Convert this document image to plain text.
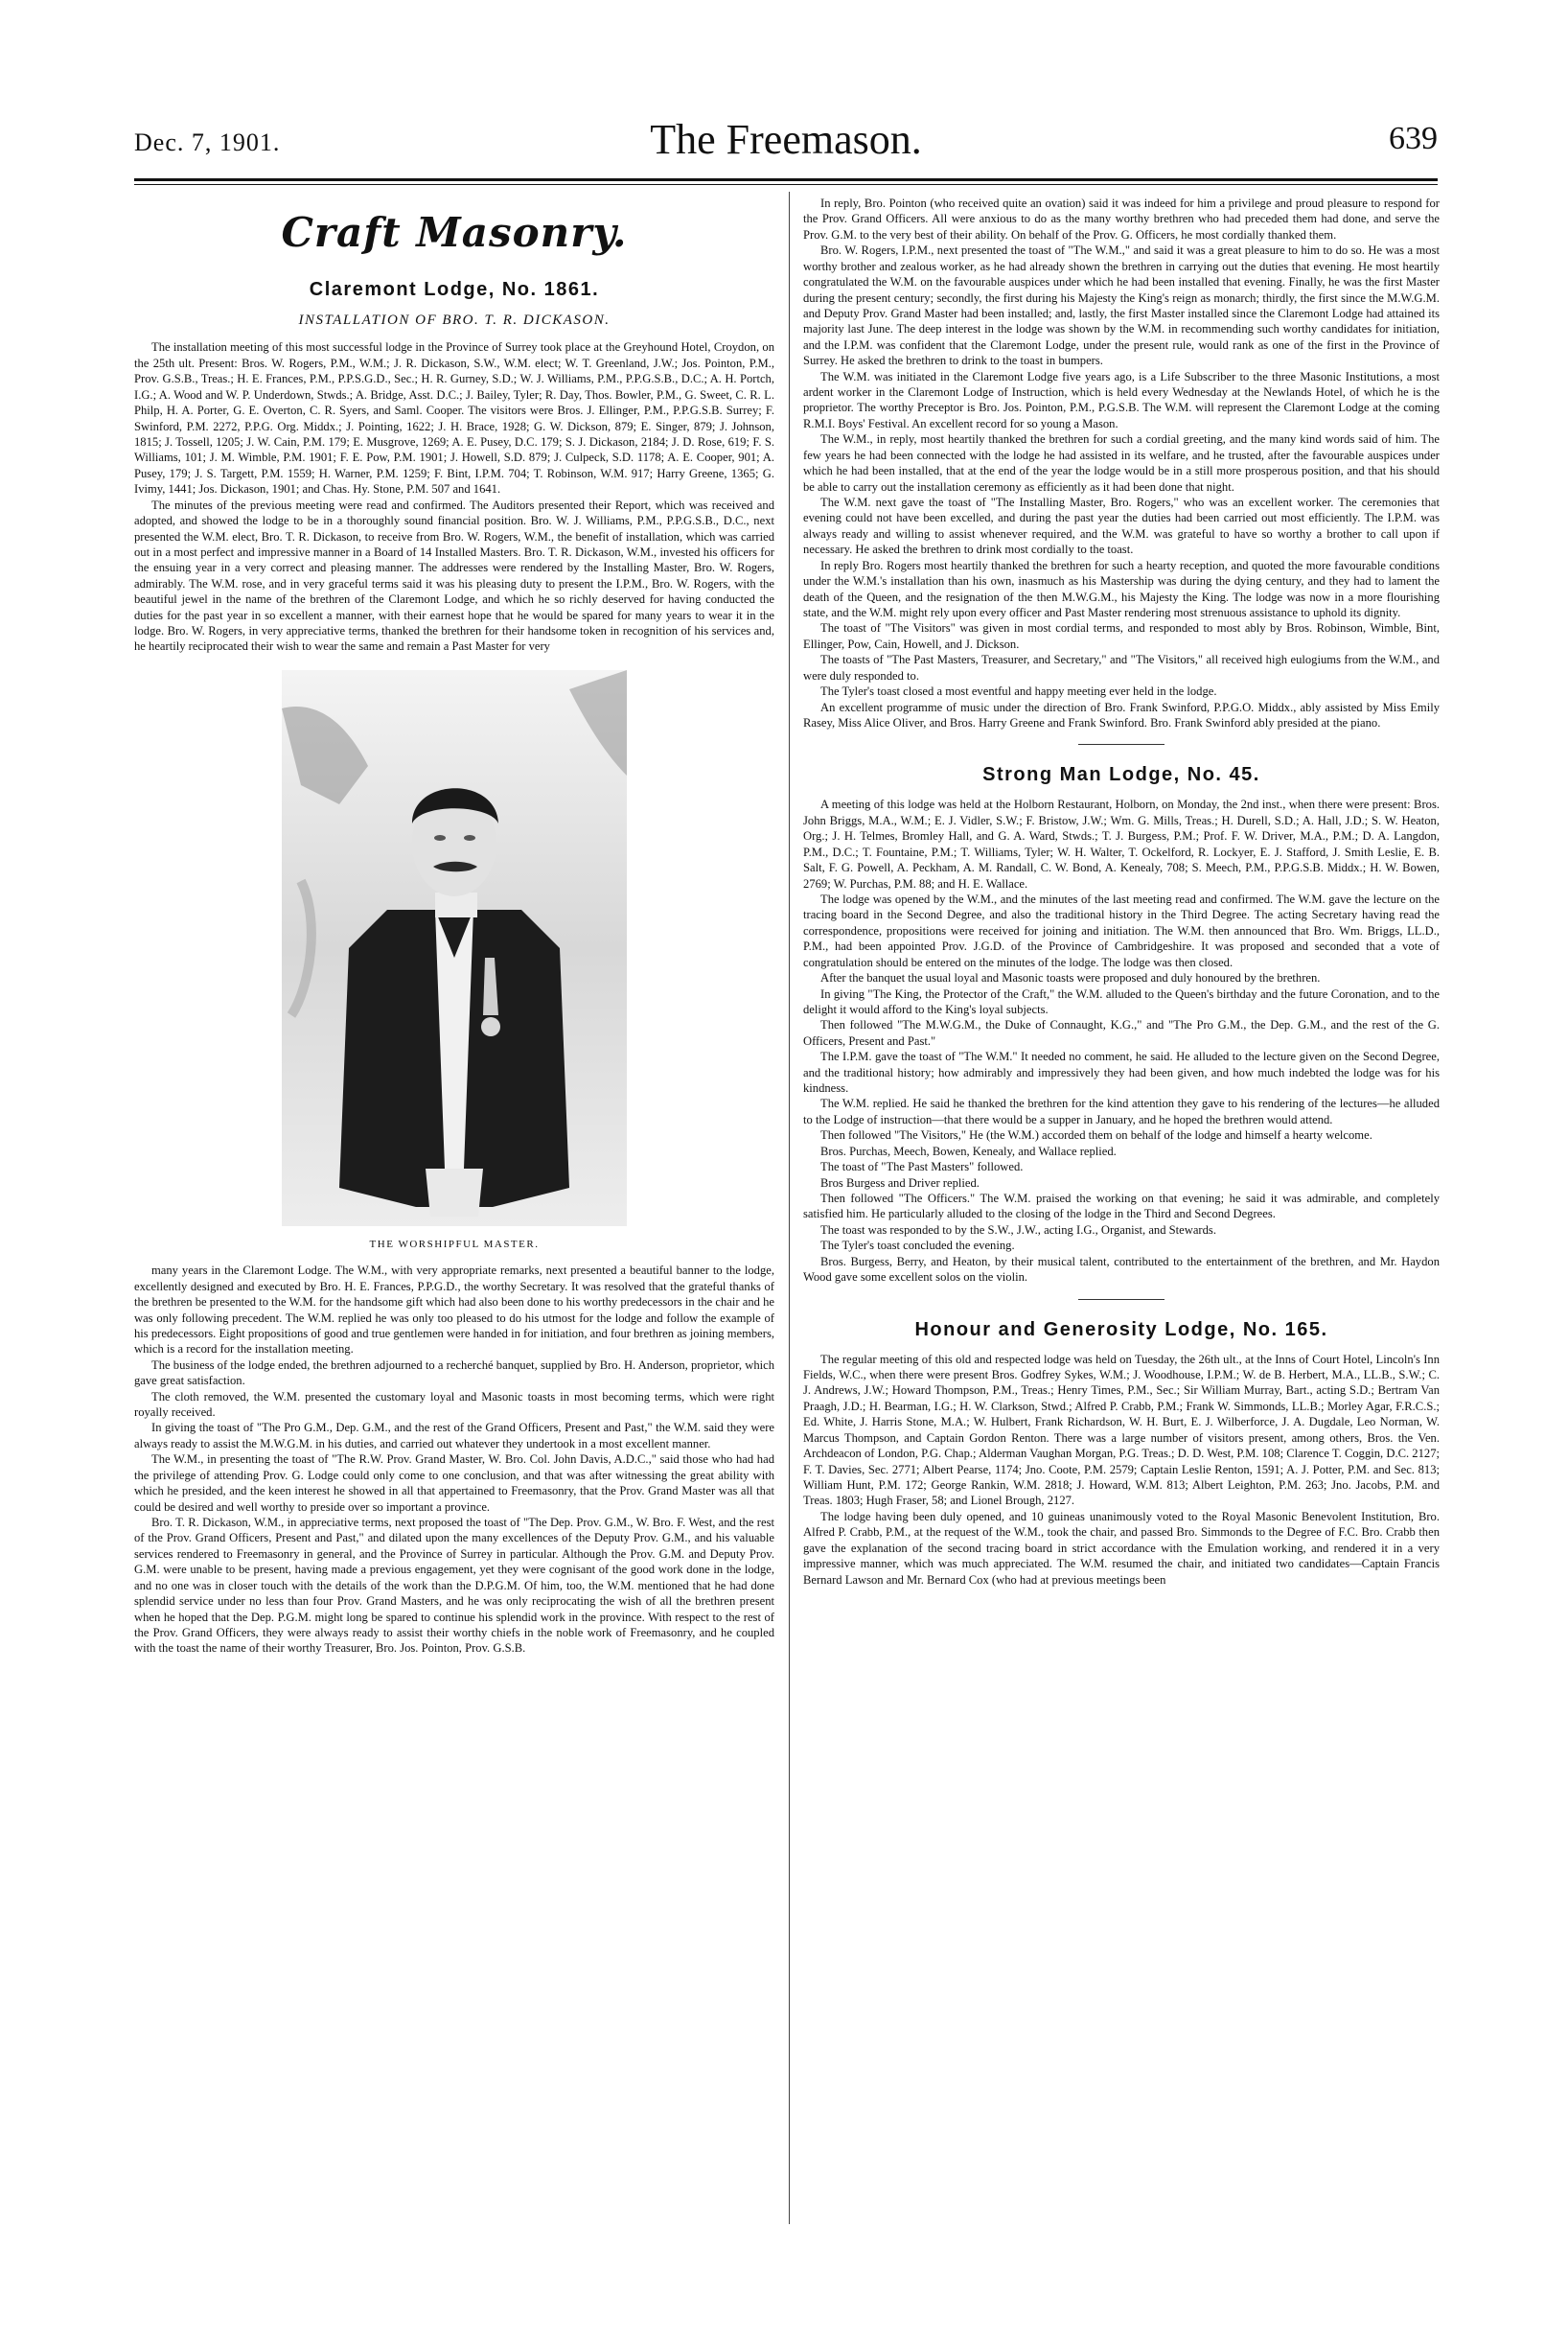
Dec. 7, 1901.	The Freemason.	639
Craft Masonry.
Claremont Lodge, No. 1861.
INSTALLATION OF BRO. T. R. DICKASON.

The installation meeting of this most successful lodge in the Province of Surrey took place at the Greyhound Hotel, Croydon, on the 25th ult. Present: Bros. W. Rogers, P.M., W.M.; J. R. Dickason, S.W., W.M. elect; W. T. Greenland, J.W.; Jos. Pointon, P.M., Prov. G.S.B., Treas.; H. E. Frances, P.M., P.P.S.G.D., Sec.; H. R. Gurney, S.D.; W. J. Williams, P.M., P.P.G.S.B., D.C.; A. H. Portch, I.G.; A. Wood and W. P. Underdown, Stwds.; A. Bridge, Asst. D.C.; J. Bailey, Tyler; R. Day, Thos. Bowler, P.M., G. Sweet, C. R. L. Philp, H. A. Porter, G. E. Overton, C. R. Syers, and Saml. Cooper. The visitors were Bros. J. Ellinger, P.M., P.P.G.S.B. Surrey; F. Swinford, P.M. 2272, P.P.G. Org. Middx.; J. Pointing, 1622; J. H. Brace, 1928; G. W. Dickson, 879; E. Singer, 879; J. Johnson, 1815; J. Tossell, 1205; J. W. Cain, P.M. 179; E. Musgrove, 1269; A. E. Pusey, D.C. 179; S. J. Dickason, 2184; J. D. Rose, 619; F. S. Williams, 101; J. M. Wimble, P.M. 1901; F. E. Pow, P.M. 1901; J. Howell, S.D. 879; J. Culpeck, S.D. 1178; A. E. Cooper, 901; A. Pusey, 179; J. S. Targett, P.M. 1559; H. Warner, P.M. 1259; F. Bint, I.P.M. 704; T. Robinson, W.M. 917; Harry Greene, 1365; G. Ivimy, 1441; Jos. Dickason, 1901; and Chas. Hy. Stone, P.M. 507 and 1641.

The minutes of the previous meeting were read and confirmed. The Auditors presented their Report, which was received and adopted, and showed the lodge to be in a thoroughly sound financial position. Bro. W. J. Williams, P.M., P.P.G.S.B., D.C., next presented the W.M. elect, Bro. T. R. Dickason, to receive from Bro. W. Rogers, W.M., the benefit of installation, which was carried out in a most perfect and impressive manner in a Board of 14 Installed Masters. Bro. T. R. Dickason, W.M., invested his officers for the ensuing year in a very correct and pleasing manner. The addresses were rendered by the Installing Master, Bro. W. Rogers, admirably. The W.M. rose, and in very graceful terms said it was his pleasing duty to present the I.P.M., Bro. W. Rogers, with the beautiful jewel in the name of the brethren of the Claremont Lodge, and which he so richly deserved for having conducted the duties for the past year in so excellent a manner, with their earnest hope that he would be spared for many years to wear it in the lodge. Bro. W. Rogers, in very appreciative terms, thanked the brethren for their handsome token in recognition of his services and, he heartily reciprocated their wish to wear the same and remain a Past Master for very

THE WORSHIPFUL MASTER.

many years in the Claremont Lodge. The W.M., with very appropriate remarks, next presented a beautiful banner to the lodge, excellently designed and executed by Bro. H. E. Frances, P.P.G.D., the worthy Secretary. It was resolved that the grateful thanks of the brethren be presented to the W.M. for the handsome gift which had also been done to his worthy predecessors in the chair and he was only following precedent. The W.M. replied he was only too pleased to do his utmost for the lodge and follow the example of his predecessors. Eight propositions of good and true gentlemen were handed in for initiation, and four brethren as joining members, which is a record for the installation meeting.

The business of the lodge ended, the brethren adjourned to a recherché banquet, supplied by Bro. H. Anderson, proprietor, which gave great satisfaction.

The cloth removed, the W.M. presented the customary loyal and Masonic toasts in most becoming terms, which were right royally received.

In giving the toast of "The Pro G.M., Dep. G.M., and the rest of the Grand Officers, Present and Past," the W.M. said they were always ready to assist the M.W.G.M. in his duties, and carried out whatever they undertook in a most excellent manner.

The W.M., in presenting the toast of "The R.W. Prov. Grand Master, W. Bro. Col. John Davis, A.D.C.," said those who had had the privilege of attending Prov. G. Lodge could only come to one conclusion, and that was after witnessing the great ability with which he presided, and the keen interest he showed in all that appertained to Freemasonry, that the Prov. Grand Master was all that could be desired and well worthy to preside over so important a province.

Bro. T. R. Dickason, W.M., in appreciative terms, next proposed the toast of "The Dep. Prov. G.M., W. Bro. F. West, and the rest of the Prov. Grand Officers, Present and Past," and dilated upon the many excellences of the Deputy Prov. G.M., and his valuable services rendered to Freemasonry in general, and the Province of Surrey in particular. Although the Prov. G.M. and Deputy Prov. G.M. were unable to be present, having made a previous engagement, yet they were cognisant of the good work done in the lodge, and no one was in closer touch with the details of the work than the D.P.G.M. Of him, too, the W.M. mentioned that he had done splendid service under no less than four Prov. Grand Masters, and he was only reciprocating the wish of all the brethren present when he hoped that the Dep. P.G.M. might long be spared to continue his splendid work in the province. With respect to the rest of the Prov. Grand Officers, they were always ready to assist their worthy chiefs in the noble work of Freemasonry, and he coupled with the toast the name of their worthy Treasurer, Bro. Jos. Pointon, Prov. G.S.B.

In reply, Bro. Pointon (who received quite an ovation) said it was indeed for him a privilege and proud pleasure to respond for the Prov. Grand Officers. All were anxious to do as the many worthy brethren who had preceded them had done, and serve the Prov. G.M. to the very best of their ability. On behalf of the Prov. G. Officers, he most cordially thanked them.

Bro. W. Rogers, I.P.M., next presented the toast of "The W.M.," and said it was a great pleasure to him to do so. He was a most worthy brother and zealous worker, as he had already shown the brethren in carrying out the duties that evening. He most heartily congratulated the W.M. on the favourable auspices under which he had been installed that evening. Finally, he was the first Master during the present century; secondly, the first during his Majesty the King's reign as monarch; thirdly, the first since the M.W.G.M. and Deputy Prov. Grand Master had been installed; and, lastly, the first Master installed since the Claremont Lodge had attained its majority last June. The deep interest in the lodge was shown by the W.M. in recommending such worthy candidates for initiation, and the I.P.M. was confident that the Claremont Lodge, under the present rule, would rank as one of the first in the Province of Surrey. He asked the brethren to drink to the toast in bumpers.

The W.M. was initiated in the Claremont Lodge five years ago, is a Life Subscriber to the three Masonic Institutions, a most ardent worker in the Claremont Lodge of Instruction, which is held every Wednesday at the Newlands Hotel, of which he is the proprietor. The worthy Preceptor is Bro. Jos. Pointon, P.M., P.G.S.B. The W.M. will represent the Claremont Lodge at the coming R.M.I. Boys' Festival. An excellent record for so young a Mason.

The W.M., in reply, most heartily thanked the brethren for such a cordial greeting, and the many kind words said of him. The few years he had been connected with the lodge he had assisted in its welfare, and he trusted, after the favourable auspices under which he had been installed, that at the end of the year the lodge would be in a still more prosperous position, and that his should be able to carry out the installation ceremony as efficiently as it had been done that night.

The W.M. next gave the toast of "The Installing Master, Bro. Rogers," who was an excellent worker. The ceremonies that evening could not have been excelled, and during the past year the duties had been carried out most efficiently. The I.P.M. was always ready and willing to assist whenever required, and the W.M. was grateful to have so worthy a brother to call upon if necessary. He asked the brethren to drink most cordially to the toast.

In reply Bro. Rogers most heartily thanked the brethren for such a hearty reception, and quoted the more favourable conditions under the W.M.'s installation than his own, inasmuch as his Mastership was during the dying century, and they had to lament the death of the Queen, and the resignation of the then M.W.G.M., his Majesty the King. The lodge was now in a more flourishing state, and the W.M. might rely upon every officer and Past Master rendering most strenuous assistance to uphold its dignity.

The toast of "The Visitors" was given in most cordial terms, and responded to most ably by Bros. Robinson, Wimble, Bint, Ellinger, Pow, Cain, Howell, and J. Dickson.

The toasts of "The Past Masters, Treasurer, and Secretary," and "The Visitors," all received high eulogiums from the W.M., and were duly responded to.

The Tyler's toast closed a most eventful and happy meeting ever held in the lodge.

An excellent programme of music under the direction of Bro. Frank Swinford, P.P.G.O. Middx., ably assisted by Miss Emily Rasey, Miss Alice Oliver, and Bros. Harry Greene and Frank Swinford. Bro. Frank Swinford ably presided at the piano.

Strong Man Lodge, No. 45.

A meeting of this lodge was held at the Holborn Restaurant, Holborn, on Monday, the 2nd inst., when there were present: Bros. John Briggs, M.A., W.M.; E. J. Vidler, S.W.; F. Bristow, J.W.; Wm. G. Mills, Treas.; H. Durell, S.D.; A. Hall, J.D.; S. W. Heaton, Org.; J. H. Telmes, Bromley Hall, and G. A. Ward, Stwds.; T. J. Burgess, P.M.; Prof. F. W. Driver, M.A., P.M.; D. A. Langdon, P.M., D.C.; T. Fountaine, P.M.; T. Williams, Tyler; W. H. Walter, T. Ockelford, R. Lockyer, E. J. Stafford, J. Smith Leslie, E. B. Salt, F. G. Powell, A. Peckham, A. M. Randall, C. W. Bond, A. Kenealy, 708; S. Meech, P.M., P.P.G.S.B. Middx.; H. W. Bowen, 2769; W. Purchas, P.M. 88; and H. E. Wallace.

The lodge was opened by the W.M., and the minutes of the last meeting read and confirmed. The W.M. gave the lecture on the tracing board in the Second Degree, and also the traditional history in the Third Degree. The acting Secretary having read the correspondence, propositions were received for joining and initiation. The W.M. then announced that Bro. Wm. Briggs, LL.D., P.M., had been appointed Prov. J.G.D. of the Province of Cambridgeshire. It was proposed and seconded that a vote of congratulation should be entered on the minutes of the lodge. The lodge was then closed.

After the banquet the usual loyal and Masonic toasts were proposed and duly honoured by the brethren.

In giving "The King, the Protector of the Craft," the W.M. alluded to the Queen's birthday and the future Coronation, and to the delight it would afford to the King's loyal subjects.

Then followed "The M.W.G.M., the Duke of Connaught, K.G.," and "The Pro G.M., the Dep. G.M., and the rest of the G. Officers, Present and Past."

The I.P.M. gave the toast of "The W.M." It needed no comment, he said. He alluded to the lecture given on the Second Degree, and the traditional history; how admirably and impressively they had been given, and how much indebted the lodge was for his kindness.

The W.M. replied. He said he thanked the brethren for the kind attention they gave to his rendering of the lectures—he alluded to the Lodge of instruction—that there would be a supper in January, and he hoped the brethren would attend.

Then followed "The Visitors," He (the W.M.) accorded them on behalf of the lodge and himself a hearty welcome.

Bros. Purchas, Meech, Bowen, Kenealy, and Wallace replied.

The toast of "The Past Masters" followed.

Bros Burgess and Driver replied.

Then followed "The Officers." The W.M. praised the working on that evening; he said it was admirable, and completely satisfied him. He particularly alluded to the closing of the lodge in the Third and Second Degrees.

The toast was responded to by the S.W., J.W., acting I.G., Organist, and Stewards.

The Tyler's toast concluded the evening.

Bros. Burgess, Berry, and Heaton, by their musical talent, contributed to the entertainment of the brethren, and Mr. Haydon Wood gave some excellent solos on the violin.

Honour and Generosity Lodge, No. 165.

The regular meeting of this old and respected lodge was held on Tuesday, the 26th ult., at the Inns of Court Hotel, Lincoln's Inn Fields, W.C., when there were present Bros. Godfrey Sykes, W.M.; J. Woodhouse, I.P.M.; W. de B. Herbert, M.A., LL.B., S.W.; C. J. Andrews, J.W.; Howard Thompson, P.M., Treas.; Henry Times, P.M., Sec.; Sir William Murray, Bart., acting S.D.; Bertram Van Praagh, J.D.; H. Bearman, I.G.; H. W. Clarkson, Stwd.; Alfred P. Crabb, P.M.; Frank W. Simmonds, LL.B.; Morley Agar, F.R.C.S.; Ed. White, J. Harris Stone, M.A.; W. Hulbert, Frank Richardson, W. H. Burt, E. J. Wilberforce, J. A. Dugdale, Leo Norman, W. Marcus Thompson, and Captain Gordon Renton. There was a large number of visitors present, among others, Bros. the Ven. Archdeacon of London, P.G. Chap.; Alderman Vaughan Morgan, P.G. Treas.; D. D. West, P.M. 108; Clarence T. Coggin, D.C. 2127; F. T. Davies, Sec. 2771; Albert Pearse, 1174; Jno. Coote, P.M. 2579; Captain Leslie Renton, 1591; A. J. Potter, P.M. and Sec. 813; William Hunt, P.M. 172; George Rankin, W.M. 2818; J. Howard, W.M. 813; Albert Leighton, P.M. 263; Jno. Jacobs, P.M. and Treas. 1803; Hugh Fraser, 58; and Lionel Brough, 2127.

The lodge having been duly opened, and 10 guineas unanimously voted to the Royal Masonic Benevolent Institution, Bro. Alfred P. Crabb, P.M., at the request of the W.M., took the chair, and passed Bro. Simmonds to the Degree of F.C. Bro. Crabb then gave the explanation of the second tracing board in strict accordance with the Emulation working, and rendered it in a very impressive manner, which was much appreciated. The W.M. resumed the chair, and initiated two candidates—Captain Francis Bernard Lawson and Mr. Bernard Cox (who had at previous meetings been
